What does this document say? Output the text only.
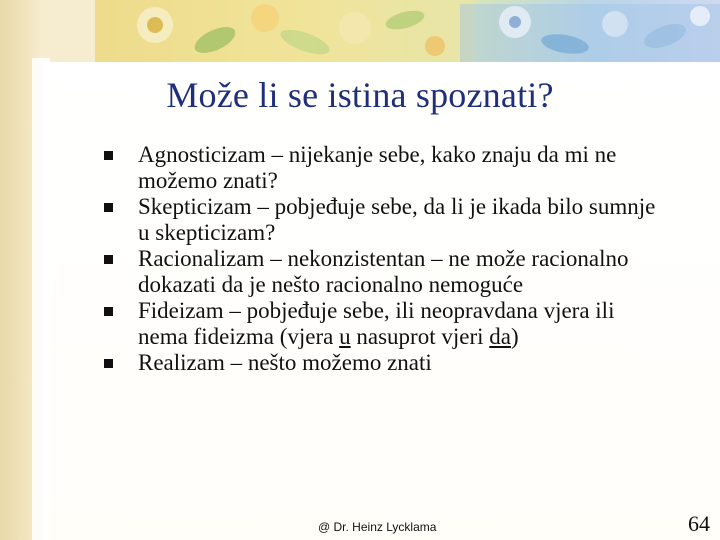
Može li se istina spoznati?
Agnosticizam – nijekanje sebe, kako znaju da mi ne možemo znati?
Skepticizam – pobjeđuje sebe, da li je ikada bilo sumnje u skepticizam?
Racionalizam – nekonzistentan – ne može racionalno dokazati da je nešto racionalno nemoguće
Fideizam – pobjeđuje sebe, ili neopravdana vjera ili nema fideizma (vjera u nasuprot vjeri da)
Realizam – nešto možemo znati
@ Dr. Heinz Lycklama	64
